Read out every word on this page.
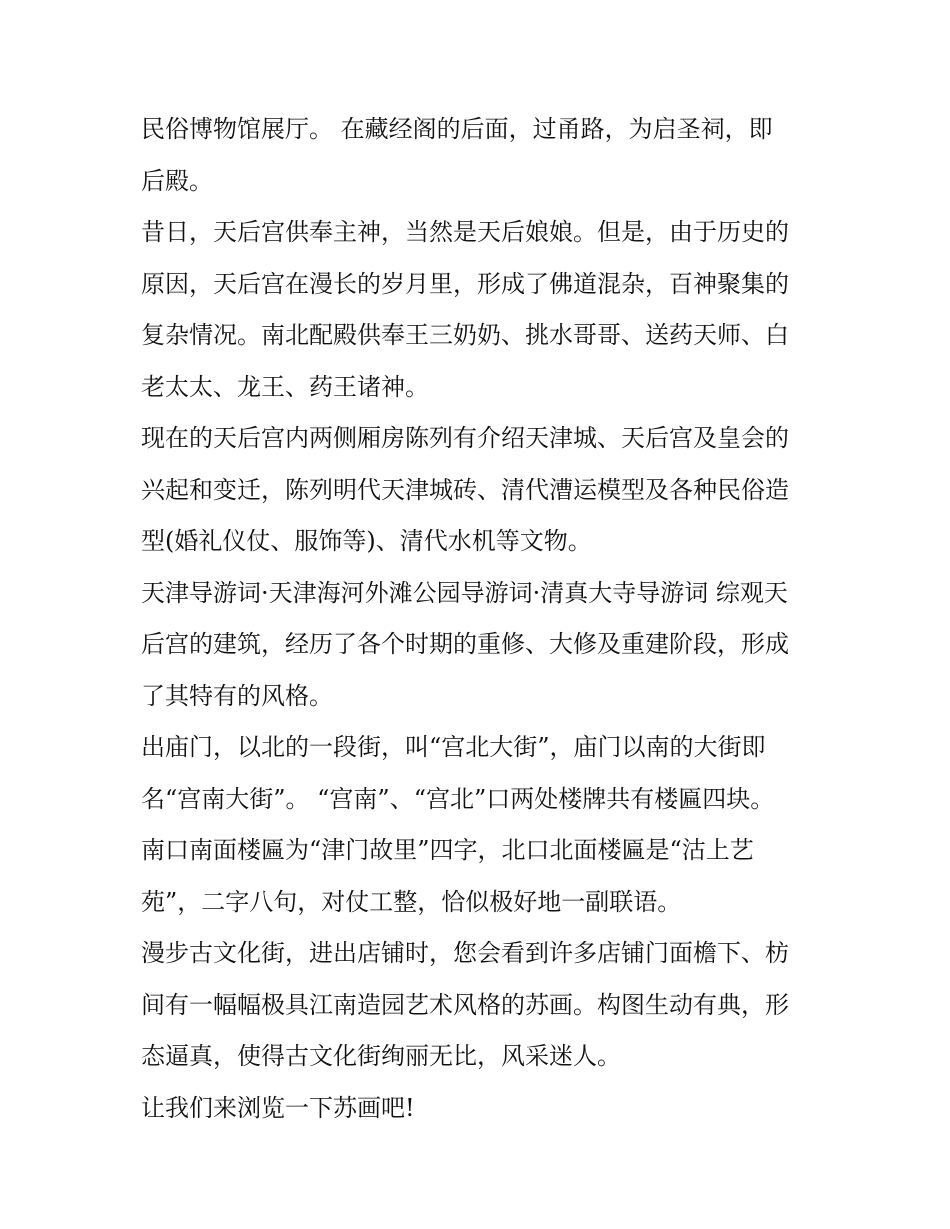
民俗博物馆展厅。 在藏经阁的后面，过甬路，为启圣祠，即
后殿。

昔日，天后宫供奉主神，当然是天后娘娘。但是，由于历史的
原因，天后宫在漫长的岁月里，形成了佛道混杂，百神聚集的
复杂情况。南北配殿供奉王三奶奶、挑水哥哥、送药天师、白
老太太、龙王、药王诸神。

现在的天后宫内两侧厢房陈列有介绍天津城、天后宫及皇会的
兴起和变迁，陈列明代天津城砖、清代漕运模型及各种民俗造
型(婚礼仪仗、服饰等)、清代水机等文物。

天津导游词·天津海河外滩公园导游词·清真大寺导游词 综观天
后宫的建筑，经历了各个时期的重修、大修及重建阶段，形成
了其特有的风格。

出庙门，以北的一段街，叫“宫北大街”，庙门以南的大街即
名“宫南大街”。 “宫南”、“宫北”口两处楼牌共有楼匾四块。

南口南面楼匾为“津门故里”四字，北口北面楼匾是“沽上艺
苑”，二字八句，对仗工整，恰似极好地一副联语。

漫步古文化街，进出店铺时，您会看到许多店铺门面檐下、枋
间有一幅幅极具江南造园艺术风格的苏画。构图生动有典，形
态逼真，使得古文化街绚丽无比，风采迷人。

让我们来浏览一下苏画吧!
